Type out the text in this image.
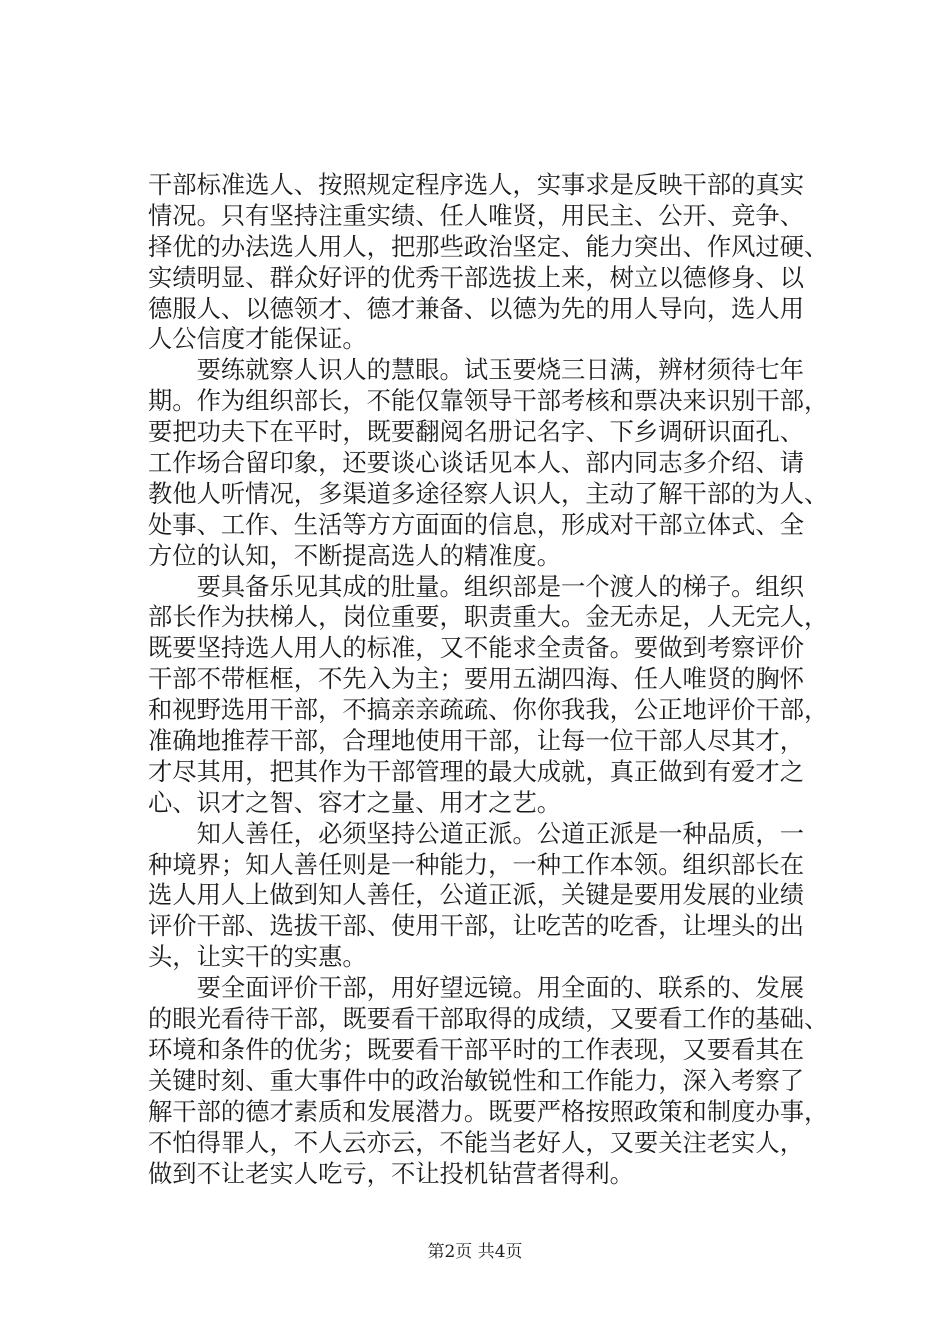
干部标准选人、按照规定程序选人，实事求是反映干部的真实
情况。只有坚持注重实绩、任人唯贤，用民主、公开、竞争、
择优的办法选人用人，把那些政治坚定、能力突出、作风过硬、
实绩明显、群众好评的优秀干部选拔上来，树立以德修身、以
德服人、以德领才、德才兼备、以德为先的用人导向，选人用
人公信度才能保证。
　　要练就察人识人的慧眼。试玉要烧三日满，辨材须待七年
期。作为组织部长，不能仅靠领导干部考核和票决来识别干部，
要把功夫下在平时，既要翻阅名册记名字、下乡调研识面孔、
工作场合留印象，还要谈心谈话见本人、部内同志多介绍、请
教他人听情况，多渠道多途径察人识人，主动了解干部的为人、
处事、工作、生活等方方面面的信息，形成对干部立体式、全
方位的认知，不断提高选人的精准度。
　　要具备乐见其成的肚量。组织部是一个渡人的梯子。组织
部长作为扶梯人，岗位重要，职责重大。金无赤足，人无完人，
既要坚持选人用人的标准，又不能求全责备。要做到考察评价
干部不带框框，不先入为主；要用五湖四海、任人唯贤的胸怀
和视野选用干部，不搞亲亲疏疏、你你我我，公正地评价干部，
准确地推荐干部，合理地使用干部，让每一位干部人尽其才，
才尽其用，把其作为干部管理的最大成就，真正做到有爱才之
心、识才之智、容才之量、用才之艺。
　　知人善任，必须坚持公道正派。公道正派是一种品质，一
种境界；知人善任则是一种能力，一种工作本领。组织部长在
选人用人上做到知人善任，公道正派，关键是要用发展的业绩
评价干部、选拔干部、使用干部，让吃苦的吃香，让埋头的出
头，让实干的实惠。
　　要全面评价干部，用好望远镜。用全面的、联系的、发展
的眼光看待干部，既要看干部取得的成绩，又要看工作的基础、
环境和条件的优劣；既要看干部平时的工作表现，又要看其在
关键时刻、重大事件中的政治敏锐性和工作能力，深入考察了
解干部的德才素质和发展潜力。既要严格按照政策和制度办事，
不怕得罪人，不人云亦云，不能当老好人，又要关注老实人，
做到不让老实人吃亏，不让投机钻营者得利。
第2页 共4页
